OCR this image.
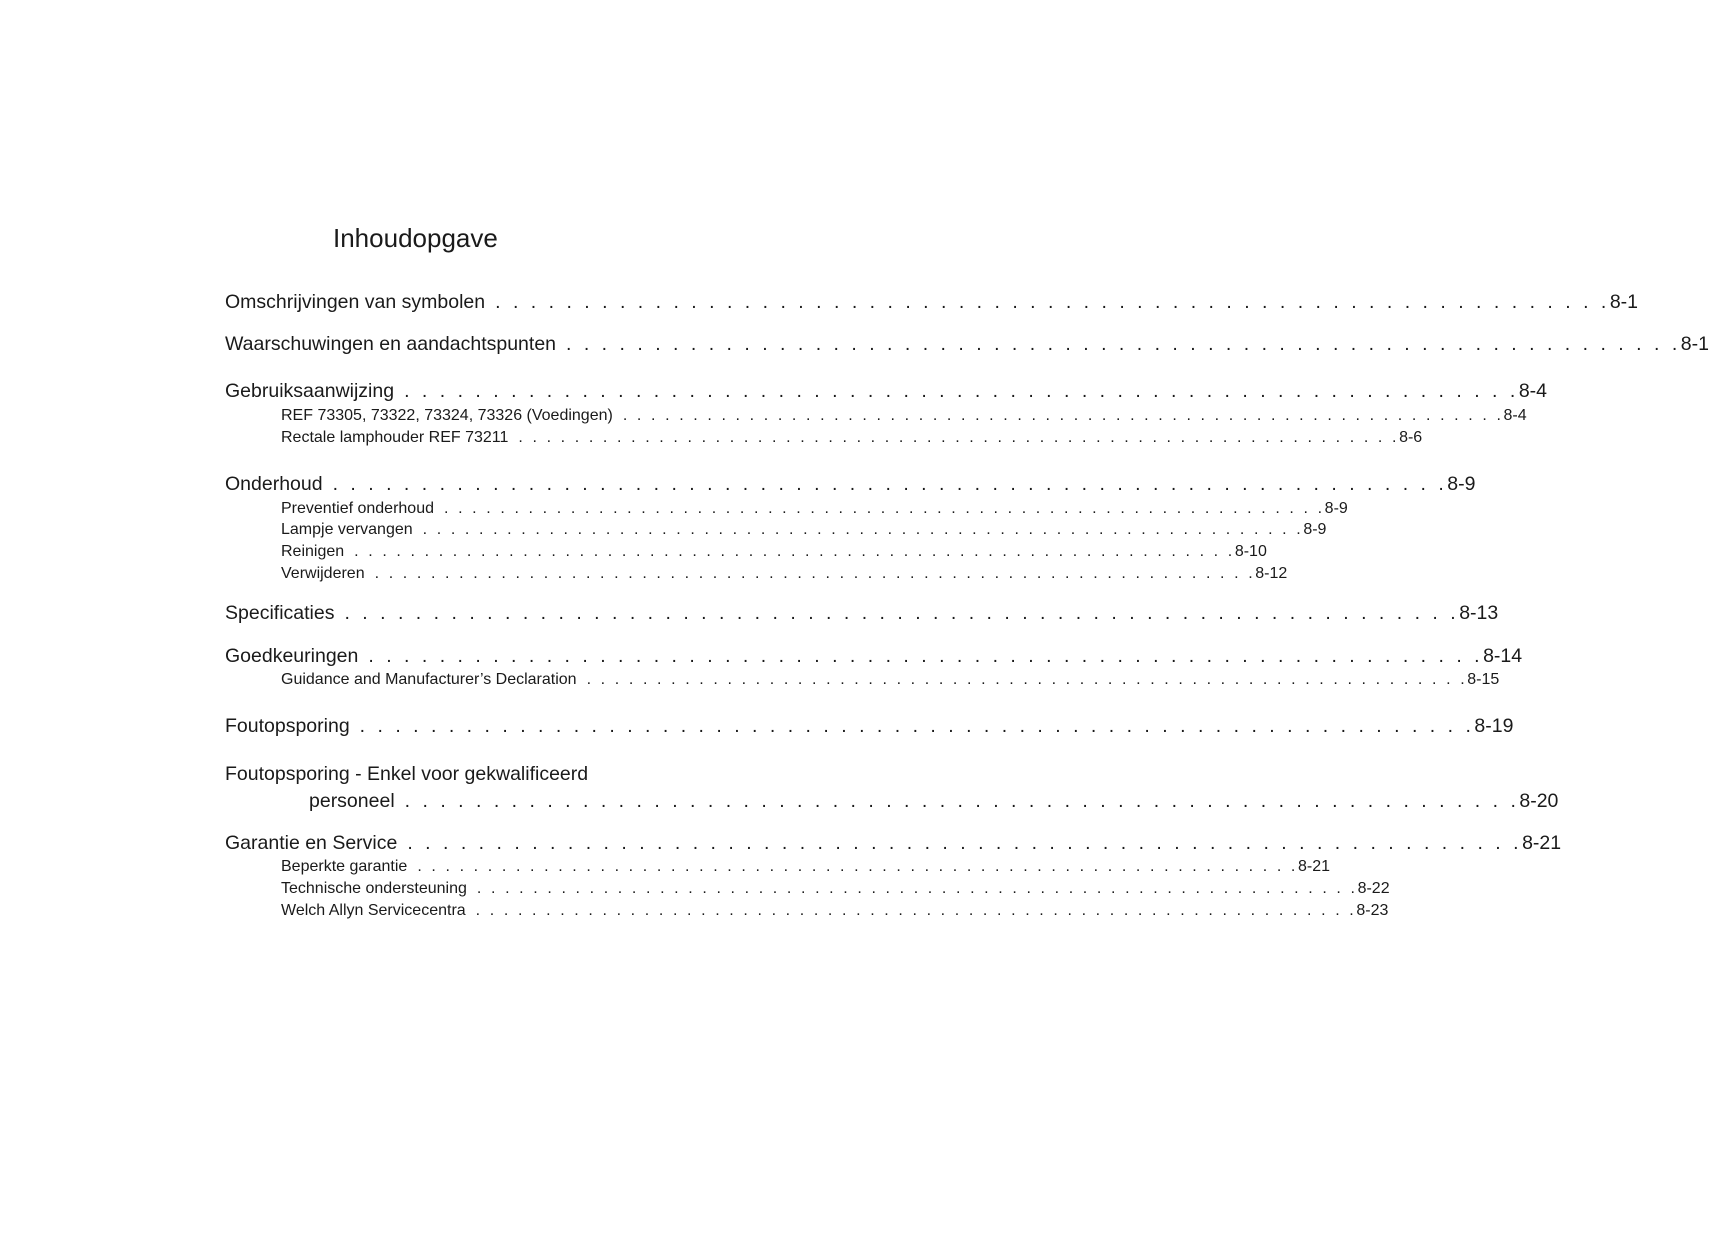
Inhoudopgave
Omschrijvingen van symbolen . . . . . . . . . . . . . . . . . . . . . . . . . . . . . . . . . . . . . . . . . . . . . . . . . . . . . . . . . . . . . . . 8-1
Waarschuwingen en aandachtspunten . . . . . . . . . . . . . . . . . . . . . . . . . . . . . . . . . . . . . . . . . . . . . . . . . . . . . . . . . . . . . . . 8-1
Gebruiksaanwijzing . . . . . . . . . . . . . . . . . . . . . . . . . . . . . . . . . . . . . . . . . . . . . . . . . . . . . . . . . . . . . . . 8-4
REF 73305, 73322, 73324, 73326 (Voedingen) . . . . . . . . . . . . . . . . . . . . . . . . . . . . . . . . . . . . . . . . . . . . . . . . . . . . . . . . . . . . . . . 8-4
Rectale lamphouder REF 73211 . . . . . . . . . . . . . . . . . . . . . . . . . . . . . . . . . . . . . . . . . . . . . . . . . . . . . . . . . . . . . . . 8-6
Onderhoud . . . . . . . . . . . . . . . . . . . . . . . . . . . . . . . . . . . . . . . . . . . . . . . . . . . . . . . . . . . . . . . 8-9
Preventief onderhoud . . . . . . . . . . . . . . . . . . . . . . . . . . . . . . . . . . . . . . . . . . . . . . . . . . . . . . . . . . . . . . . 8-9
Lampje vervangen . . . . . . . . . . . . . . . . . . . . . . . . . . . . . . . . . . . . . . . . . . . . . . . . . . . . . . . . . . . . . . . 8-9
Reinigen . . . . . . . . . . . . . . . . . . . . . . . . . . . . . . . . . . . . . . . . . . . . . . . . . . . . . . . . . . . . . . . 8-10
Verwijderen . . . . . . . . . . . . . . . . . . . . . . . . . . . . . . . . . . . . . . . . . . . . . . . . . . . . . . . . . . . . . . . 8-12
Specificaties . . . . . . . . . . . . . . . . . . . . . . . . . . . . . . . . . . . . . . . . . . . . . . . . . . . . . . . . . . . . . . . 8-13
Goedkeuringen . . . . . . . . . . . . . . . . . . . . . . . . . . . . . . . . . . . . . . . . . . . . . . . . . . . . . . . . . . . . . . . 8-14
Guidance and Manufacturer’s Declaration . . . . . . . . . . . . . . . . . . . . . . . . . . . . . . . . . . . . . . . . . . . . . . . . . . . . . . . . . . . . . . . 8-15
Foutopsporing . . . . . . . . . . . . . . . . . . . . . . . . . . . . . . . . . . . . . . . . . . . . . . . . . . . . . . . . . . . . . . . 8-19
Foutopsporing - Enkel voor gekwalificeerd
personeel . . . . . . . . . . . . . . . . . . . . . . . . . . . . . . . . . . . . . . . . . . . . . . . . . . . . . . . . . . . . . . . 8-20
Garantie en Service . . . . . . . . . . . . . . . . . . . . . . . . . . . . . . . . . . . . . . . . . . . . . . . . . . . . . . . . . . . . . . . 8-21
Beperkte garantie . . . . . . . . . . . . . . . . . . . . . . . . . . . . . . . . . . . . . . . . . . . . . . . . . . . . . . . . . . . . . . . 8-21
Technische ondersteuning . . . . . . . . . . . . . . . . . . . . . . . . . . . . . . . . . . . . . . . . . . . . . . . . . . . . . . . . . . . . . . . 8-22
Welch Allyn Servicecentra . . . . . . . . . . . . . . . . . . . . . . . . . . . . . . . . . . . . . . . . . . . . . . . . . . . . . . . . . . . . . . . 8-23
